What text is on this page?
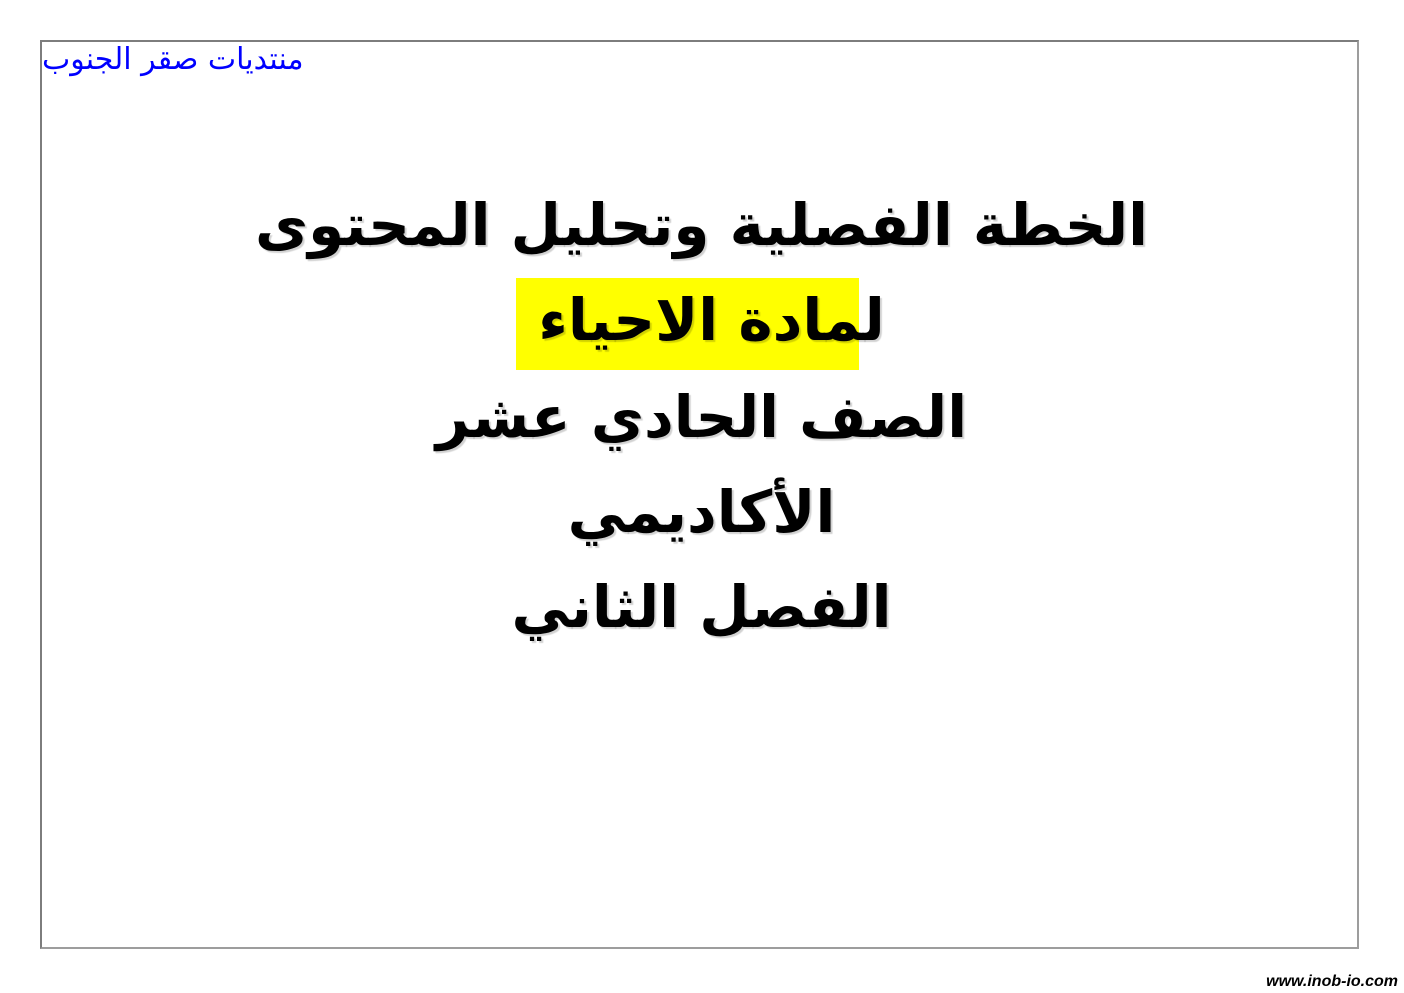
منتديات صقر الجنوب
الخطة الفصلية وتحليل المحتوى
لمادة الاحياء
الصف الحادي عشر
الأكاديمي
الفصل الثاني
www.inob-io.com
